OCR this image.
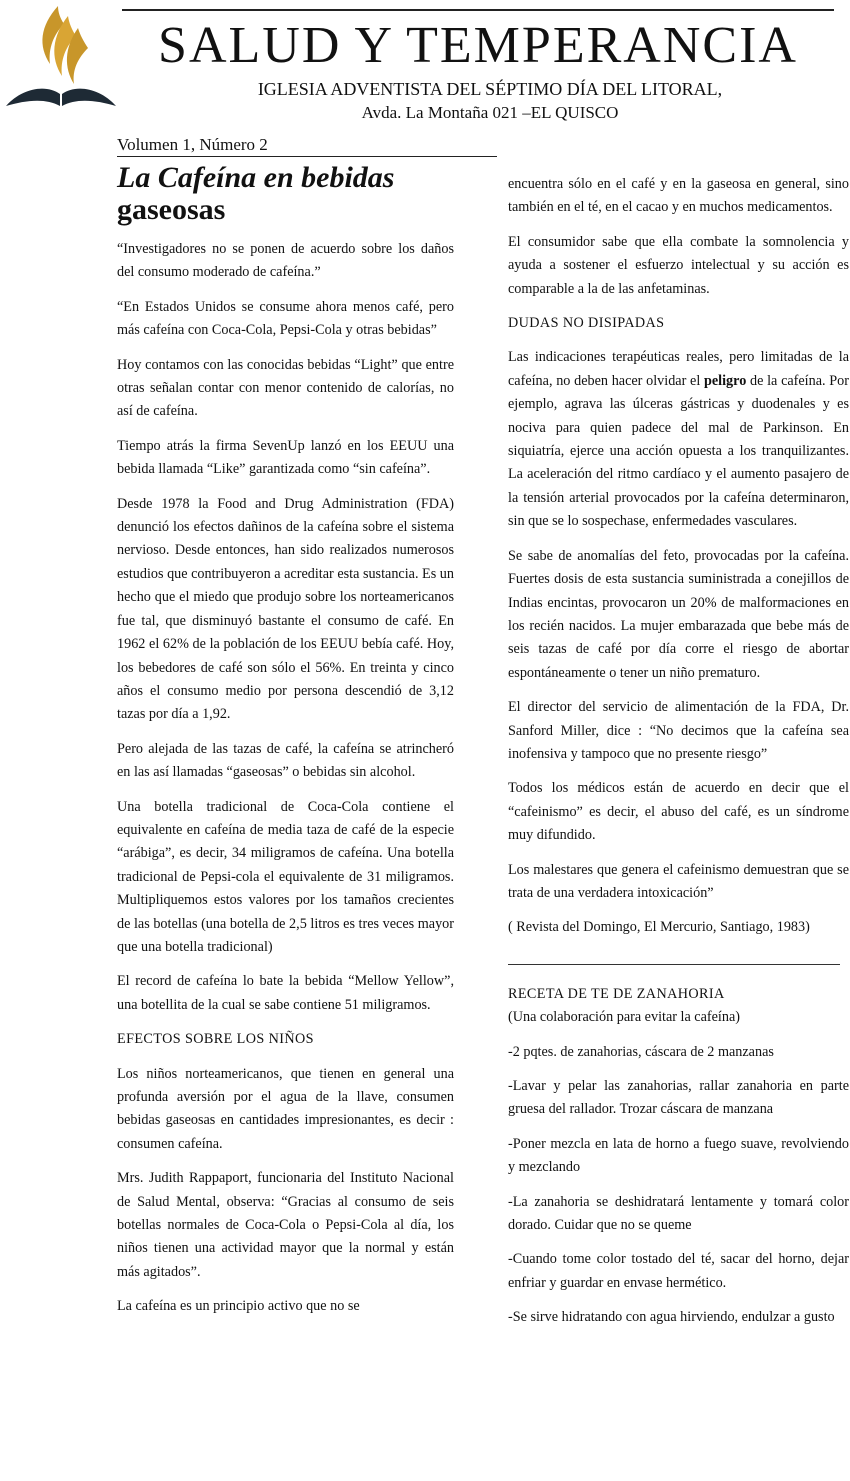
SALUD Y TEMPERANCIA
IGLESIA ADVENTISTA DEL SÉPTIMO DÍA DEL LITORAL,
Avda. La Montaña 021 –EL QUISCO
Volumen 1, Número 2
La Cafeína en bebidas
gaseosas

“Investigadores no se ponen de acuerdo sobre los daños del consumo moderado de cafeína.”

“En Estados Unidos se consume ahora menos café, pero más cafeína con Coca-Cola, Pepsi-Cola y otras bebidas”

Hoy contamos con las conocidas bebidas “Light” que entre otras señalan contar con menor contenido de calorías, no así de cafeína.

Tiempo atrás la firma SevenUp lanzó en los EEUU una bebida llamada “Like” garantizada como “sin cafeína”.

Desde 1978 la Food and Drug Administration (FDA) denunció los efectos dañinos de la cafeína sobre el sistema nervioso. Desde entonces, han sido realizados numerosos estudios que contribuyeron a acreditar esta sustancia. Es un hecho que el miedo que produjo sobre los norteamericanos fue tal, que disminuyó bastante el consumo de café. En 1962 el 62% de la población de los EEUU bebía café. Hoy, los bebedores de café son sólo el 56%. En treinta y cinco años el consumo medio por persona descendió de 3,12 tazas por día a 1,92.

Pero alejada de las tazas de café, la cafeína se atrincheró en las así llamadas “gaseosas” o bebidas sin alcohol.

Una botella tradicional de Coca-Cola contiene el equivalente en cafeína de media taza de café de la especie “arábiga”, es decir, 34 miligramos de cafeína. Una botella tradicional de Pepsi-cola el equivalente de 31 miligramos. Multipliquemos estos valores por los tamaños crecientes de las botellas (una botella de 2,5 litros es tres veces mayor que una botella tradicional)

El record de cafeína lo bate la bebida “Mellow Yellow”, una botellita de la cual se sabe contiene 51 miligramos.

EFECTOS SOBRE LOS NIÑOS

Los niños norteamericanos, que tienen en general una profunda aversión por el agua de la llave, consumen bebidas gaseosas en cantidades impresionantes, es decir : consumen cafeína.

Mrs. Judith Rappaport, funcionaria del Instituto Nacional de Salud Mental, observa: “Gracias al consumo de seis botellas normales de Coca-Cola o Pepsi-Cola al día, los niños tienen una actividad mayor que la normal y están más agitados”.

La cafeína es un principio activo que no se

encuentra sólo en el café y en la gaseosa en general, sino también en el té, en el cacao y en muchos medicamentos.

El consumidor sabe que ella combate la somnolencia y ayuda a sostener el esfuerzo intelectual y su acción es comparable a la de las anfetaminas.

DUDAS NO DISIPADAS

Las indicaciones terapéuticas reales, pero limitadas de la cafeína, no deben hacer olvidar el peligro de la cafeína. Por ejemplo, agrava las úlceras gástricas y duodenales y es nociva para quien padece del mal de Parkinson. En siquiatría, ejerce una acción opuesta a los tranquilizantes. La aceleración del ritmo cardíaco y el aumento pasajero de la tensión arterial provocados por la cafeína determinaron, sin que se lo sospechase, enfermedades vasculares.

Se sabe de anomalías del feto, provocadas por la cafeína. Fuertes dosis de esta sustancia suministrada a conejillos de Indias encintas, provocaron un 20% de malformaciones en los recién nacidos. La mujer embarazada que bebe más de seis tazas de café por día corre el riesgo de abortar espontáneamente o tener un niño prematuro.

El director del servicio de alimentación de la FDA, Dr. Sanford Miller, dice : “No decimos que la cafeína sea inofensiva y tampoco que no presente riesgo”

Todos los médicos están de acuerdo en decir que el “cafeinismo” es decir, el abuso del café, es un síndrome muy difundido.

Los malestares que genera el cafeinismo demuestran que se trata de una verdadera intoxicación”

( Revista del Domingo, El Mercurio, Santiago, 1983)

RECETA DE TE DE ZANAHORIA

(Una colaboración para evitar la cafeína)

-2 pqtes. de zanahorias, cáscara de 2 manzanas

-Lavar y pelar las zanahorias, rallar zanahoria en parte gruesa del rallador. Trozar cáscara de manzana

-Poner mezcla en lata de horno a fuego suave, revolviendo y mezclando

-La zanahoria se deshidratará lentamente y tomará color dorado. Cuidar que no se queme

-Cuando tome color tostado del té, sacar del horno, dejar enfriar y guardar en envase hermético.

-Se sirve hidratando con agua hirviendo, endulzar a gusto
